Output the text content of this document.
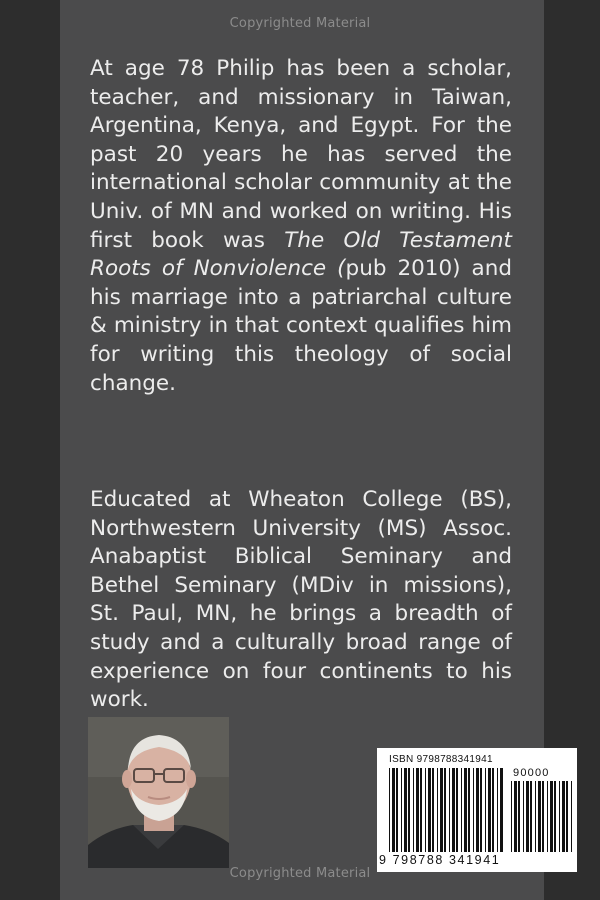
Copyrighted Material

At age 78 Philip has been a scholar, teacher, and missionary in Taiwan, Argentina, Kenya, and Egypt. For the past 20 years he has served the international scholar community at the Univ. of MN and worked on writing. His first book was The Old Testament Roots of Nonviolence (pub 2010) and his marriage into a patriarchal culture & ministry in that context qualifies him for writing this theology of social change.

Educated at Wheaton College (BS), Northwestern University (MS) Assoc. Anabaptist Biblical Seminary and Bethel Seminary (MDiv in missions), St. Paul, MN, he brings a breadth of study and a culturally broad range of experience on four continents to his work.

ISBN 9798788341941
90000
9 798788 341941
Copyrighted Material
